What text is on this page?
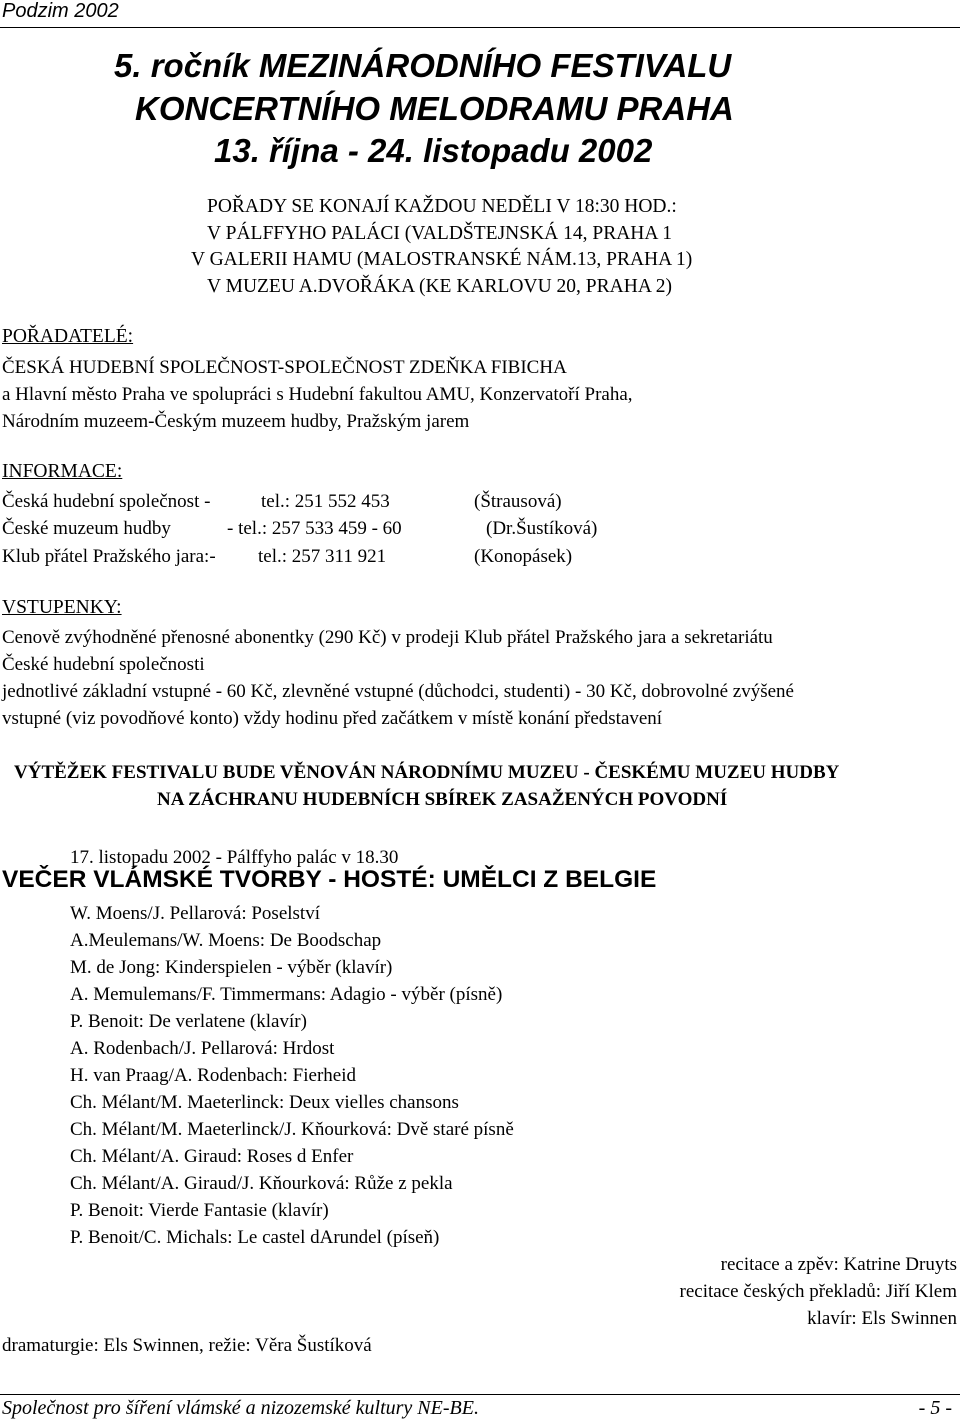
Podzim 2002
5. ročník MEZINÁRODNÍHO FESTIVALU
KONCERTNÍHO MELODRAMU PRAHA
13. října - 24. listopadu 2002
POŘADY SE KONAJÍ KAŽDOU NEDĚLI V 18:30 HOD.:
V PÁLFFYHO PALÁCI (VALDŠTEJNSKÁ 14, PRAHA 1
V GALERII HAMU (MALOSTRANSKÉ NÁM.13, PRAHA 1)
V MUZEU A.DVOŘÁKA (KE KARLOVU 20, PRAHA 2)
POŘADATELÉ:
ČESKÁ HUDEBNÍ SPOLEČNOST-SPOLEČNOST ZDEŇKA FIBICHA
a Hlavní město Praha ve spolupráci s Hudební fakultou AMU, Konzervatoří Praha,
Národním muzeem-Českým muzeem hudby, Pražským jarem
INFORMACE:
Česká hudební společnost -	tel.: 251 552 453	(Štrausová)
České muzeum hudby	- tel.: 257 533 459 - 60	(Dr.Šustíková)
Klub přátel Pražského jara:- tel.: 257 311 921	(Konopásek)
VSTUPENKY:
Cenově zvýhodněné přenosné abonentky (290 Kč) v prodeji Klub přátel Pražského jara a sekretariátu
České hudební společnosti
jednotlivé základní vstupné - 60 Kč, zlevněné vstupné (důchodci, studenti) - 30 Kč, dobrovolné zvýšené
vstupné (viz povodňové konto) vždy hodinu před začátkem v místě konání představení
VÝTĚŽEK FESTIVALU BUDE VĚNOVÁN NÁRODNÍMU MUZEU - ČESKÉMU MUZEU HUDBY
NA ZÁCHRANU HUDEBNÍCH SBÍREK ZASAŽENÝCH POVODNÍ
17. listopadu 2002 - Pálffyho palác v 18.30
VEČER VLÁMSKÉ TVORBY - HOSTÉ: UMĚLCI Z BELGIE
W. Moens/J. Pellarová: Poselství
A.Meulemans/W. Moens: De Boodschap
M. de Jong: Kinderspielen - výběr (klavír)
A. Memulemans/F. Timmermans: Adagio - výběr (písně)
P. Benoit: De verlatene (klavír)
A. Rodenbach/J. Pellarová: Hrdost
H. van Praag/A. Rodenbach: Fierheid
Ch. Mélant/M. Maeterlinck: Deux vielles chansons
Ch. Mélant/M. Maeterlinck/J. Kňourková: Dvě staré písně
Ch. Mélant/A. Giraud: Roses d Enfer
Ch. Mélant/A. Giraud/J. Kňourková: Růže z pekla
P. Benoit: Vierde Fantasie (klavír)
P. Benoit/C. Michals: Le castel dArundel (píseň)
recitace a zpěv: Katrine Druyts
recitace českých překladů: Jiří Klem
klavír: Els Swinnen
dramaturgie: Els Swinnen, režie: Věra Šustíková
Společnost pro šíření vlámské a nizozemské kultury NE-BE.	- 5 -
